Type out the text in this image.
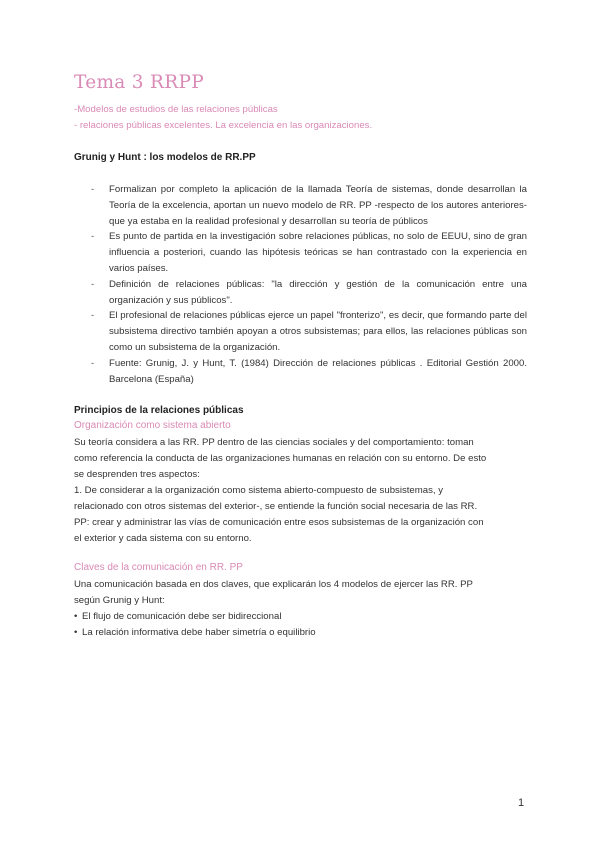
Tema 3 RRPP

-Modelos de estudios de las relaciones públicas

- relaciones públicas excelentes. La excelencia en las organizaciones.

Grunig y Hunt : los modelos de RR.PP

- Formalizan por completo la aplicación de la llamada Teoría de sistemas, donde desarrollan la Teoría de la excelencia, aportan un nuevo modelo de RR. PP -respecto de los autores anteriores- que ya estaba en la realidad profesional y desarrollan su teoría de públicos
- Es punto de partida en la investigación sobre relaciones públicas, no solo de EEUU, sino de gran influencia a posteriori, cuando las hipótesis teóricas se han contrastado con la experiencia en varios países.
- Definición de relaciones públicas: "la dirección y gestión de la comunicación entre una organización y sus públicos".
- El profesional de relaciones públicas ejerce un papel "fronterizo", es decir, que formando parte del subsistema directivo también apoyan a otros subsistemas; para ellos, las relaciones públicas son como un subsistema de la organización.
- Fuente: Grunig, J. y Hunt, T. (1984) Dirección de relaciones públicas . Editorial Gestión 2000. Barcelona (España)

Principios de la relaciones públicas

Organización como sistema abierto

Su teoría considera a las RR. PP dentro de las ciencias sociales y del comportamiento: toman como referencia la conducta de las organizaciones humanas en relación con su entorno. De esto se desprenden tres aspectos:

1. De considerar a la organización como sistema abierto-compuesto de subsistemas, y relacionado con otros sistemas del exterior-, se entiende la función social necesaria de las RR. PP: crear y administrar las vías de comunicación entre esos subsistemas de la organización con el exterior y cada sistema con su entorno.

Claves de la comunicación en RR. PP

Una comunicación basada en dos claves, que explicarán los 4 modelos de ejercer las RR. PP según Grunig y Hunt:

• El flujo de comunicación debe ser bidireccional
• La relación informativa debe haber simetría o equilibrio
1
